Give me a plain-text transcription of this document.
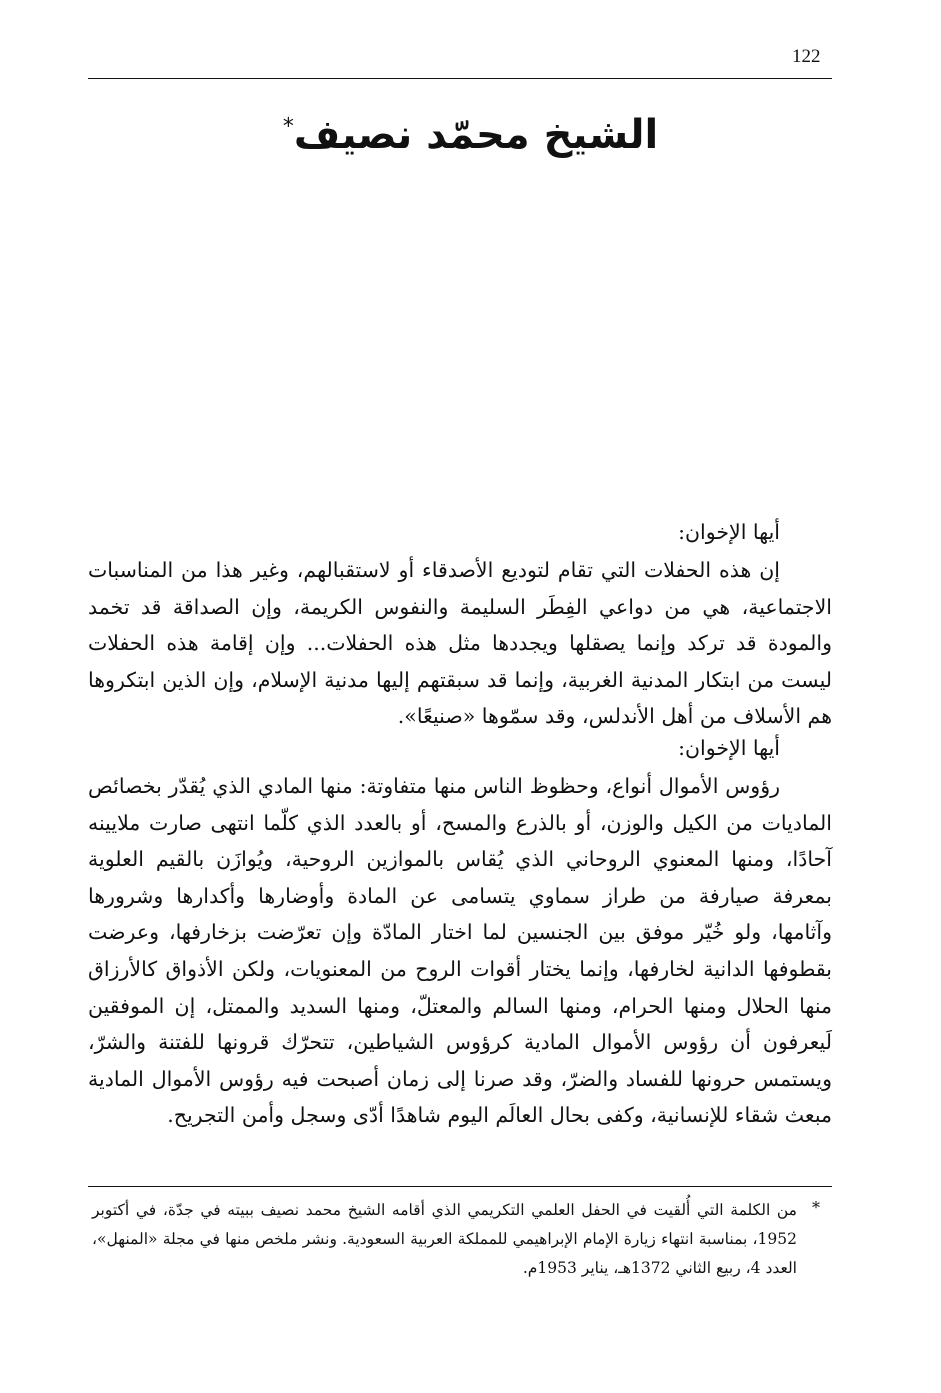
122
الشيخ محمّد نصيف*

أيها الإخوان:

إن هذه الحفلات التي تقام لتوديع الأصدقاء أو لاستقبالهم، وغير هذا من المناسبات الاجتماعية، هي من دواعي الفِطَر السليمة والنفوس الكريمة، وإن الصداقة قد تخمد والمودة قد تركد وإنما يصقلها ويجددها مثل هذه الحفلات... وإن إقامة هذه الحفلات ليست من ابتكار المدنية الغربية، وإنما قد سبقتهم إليها مدنية الإسلام، وإن الذين ابتكروها هم الأسلاف من أهل الأندلس، وقد سمّوها «صنيعًا».

أيها الإخوان:

رؤوس الأموال أنواع، وحظوظ الناس منها متفاوتة: منها المادي الذي يُقدّر بخصائص الماديات من الكيل والوزن، أو بالذرع والمسح، أو بالعدد الذي كلّما انتهى صارت ملايينه آحادًا، ومنها المعنوي الروحاني الذي يُقاس بالموازين الروحية، ويُوازَن بالقيم العلوية بمعرفة صيارفة من طراز سماوي يتسامى عن المادة وأوضارها وأكدارها وشرورها وآثامها، ولو خُيّر موفق بين الجنسين لما اختار المادّة وإن تعرّضت بزخارفها، وعرضت بقطوفها الدانية لخارفها، وإنما يختار أقوات الروح من المعنويات، ولكن الأذواق كالأرزاق منها الحلال ومنها الحرام، ومنها السالم والمعتلّ، ومنها السديد والممتل، إن الموفقين لَيعرفون أن رؤوس الأموال المادية كرؤوس الشياطين، تتحرّك قرونها للفتنة والشرّ، ويستمس حرونها للفساد والضرّ، وقد صرنا إلى زمان أصبحت فيه رؤوس الأموال المادية مبعث شقاء للإنسانية، وكفى بحال العالَم اليوم شاهدًا أدّى وسجل وأمن التجريح.

*
من الكلمة التي أُلقيت في الحفل العلمي التكريمي الذي أقامه الشيخ محمد نصيف ببيته في جدّة، في أكتوبر 1952، بمناسبة انتهاء زيارة الإمام الإبراهيمي للمملكة العربية السعودية. ونشر ملخص منها في مجلة «المنهل»، العدد 4، ربيع الثاني 1372هـ، يناير 1953م.
